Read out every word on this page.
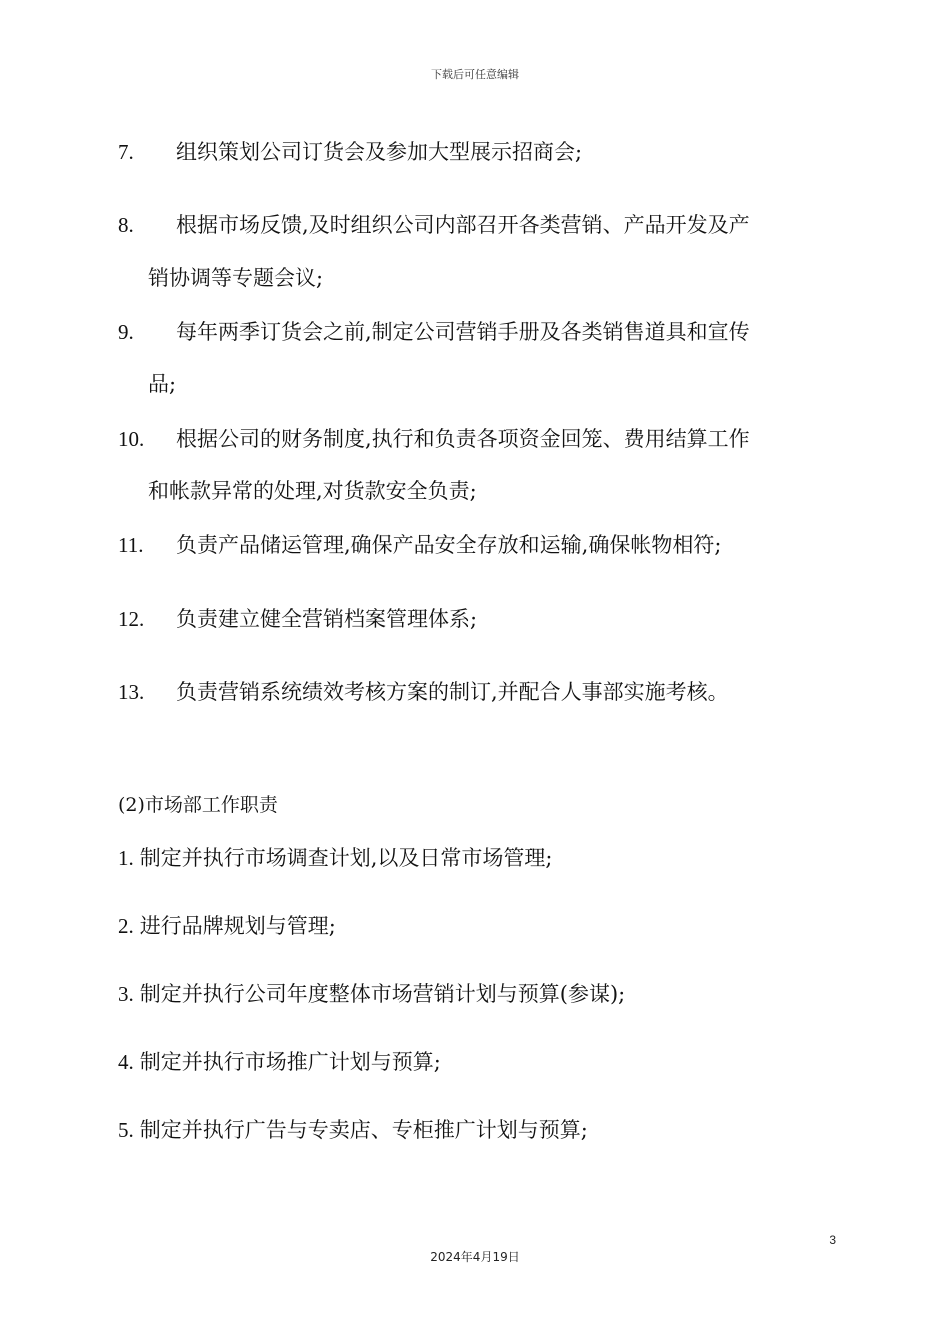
下载后可任意编辑
7. 组织策划公司订货会及参加大型展示招商会;
8. 根据市场反馈,及时组织公司内部召开各类营销、产品开发及产
销协调等专题会议;
9. 每年两季订货会之前,制定公司营销手册及各类销售道具和宣传
品;
10. 根据公司的财务制度,执行和负责各项资金回笼、费用结算工作
和帐款异常的处理,对货款安全负责;
11. 负责产品储运管理,确保产品安全存放和运输,确保帐物相符;
12. 负责建立健全营销档案管理体系;
13. 负责营销系统绩效考核方案的制订,并配合人事部实施考核。
(2)市场部工作职责
1. 制定并执行市场调查计划,以及日常市场管理;
2. 进行品牌规划与管理;
3. 制定并执行公司年度整体市场营销计划与预算(参谋);
4. 制定并执行市场推广计划与预算;
5. 制定并执行广告与专卖店、专柜推广计划与预算;
3
2024年4月19日
